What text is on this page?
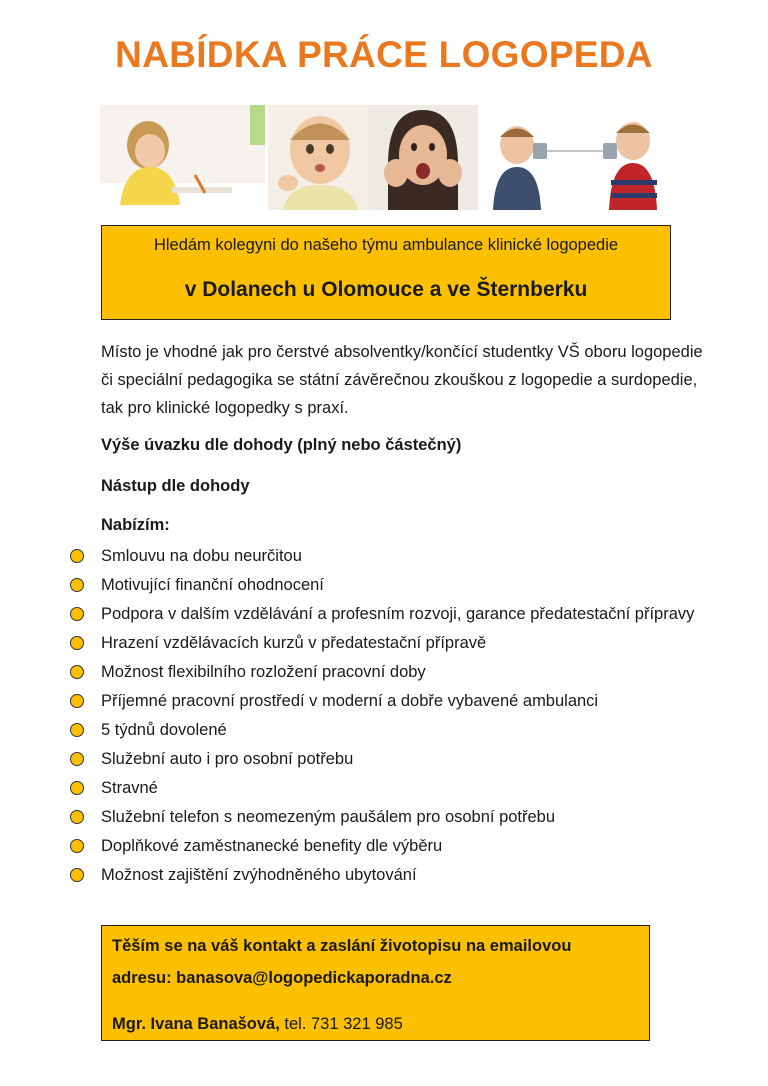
NABÍDKA PRÁCE LOGOPEDA
Hledám kolegyni do našeho týmu ambulance klinické logopedie
v Dolanech u Olomouce a ve Šternberku
Místo je vhodné jak pro čerstvé absolventky/končící studentky VŠ oboru logopedie či speciální pedagogika se státní závěrečnou zkouškou z logopedie a surdopedie, tak pro klinické logopedky s praxí.
Výše úvazku dle dohody (plný nebo částečný)
Nástup dle dohody
Nabízím:
Smlouvu na dobu neurčitou
Motivující finanční ohodnocení
Podpora v dalším vzdělávání a profesním rozvoji, garance předatestační přípravy
Hrazení vzdělávacích kurzů v předatestační přípravě
Možnost flexibilního rozložení pracovní doby
Příjemné pracovní prostředí v moderní a dobře vybavené ambulanci
5 týdnů dovolené
Služební auto i pro osobní potřebu
Stravné
Služební telefon s neomezeným paušálem pro osobní potřebu
Doplňkové zaměstnanecké benefity dle výběru
Možnost zajištění zvýhodněného ubytování
Těším se na váš kontakt a zaslání životopisu na emailovou
adresu: banasova@logopedickaporadna.cz
Mgr. Ivana Banašová, tel. 731 321 985
